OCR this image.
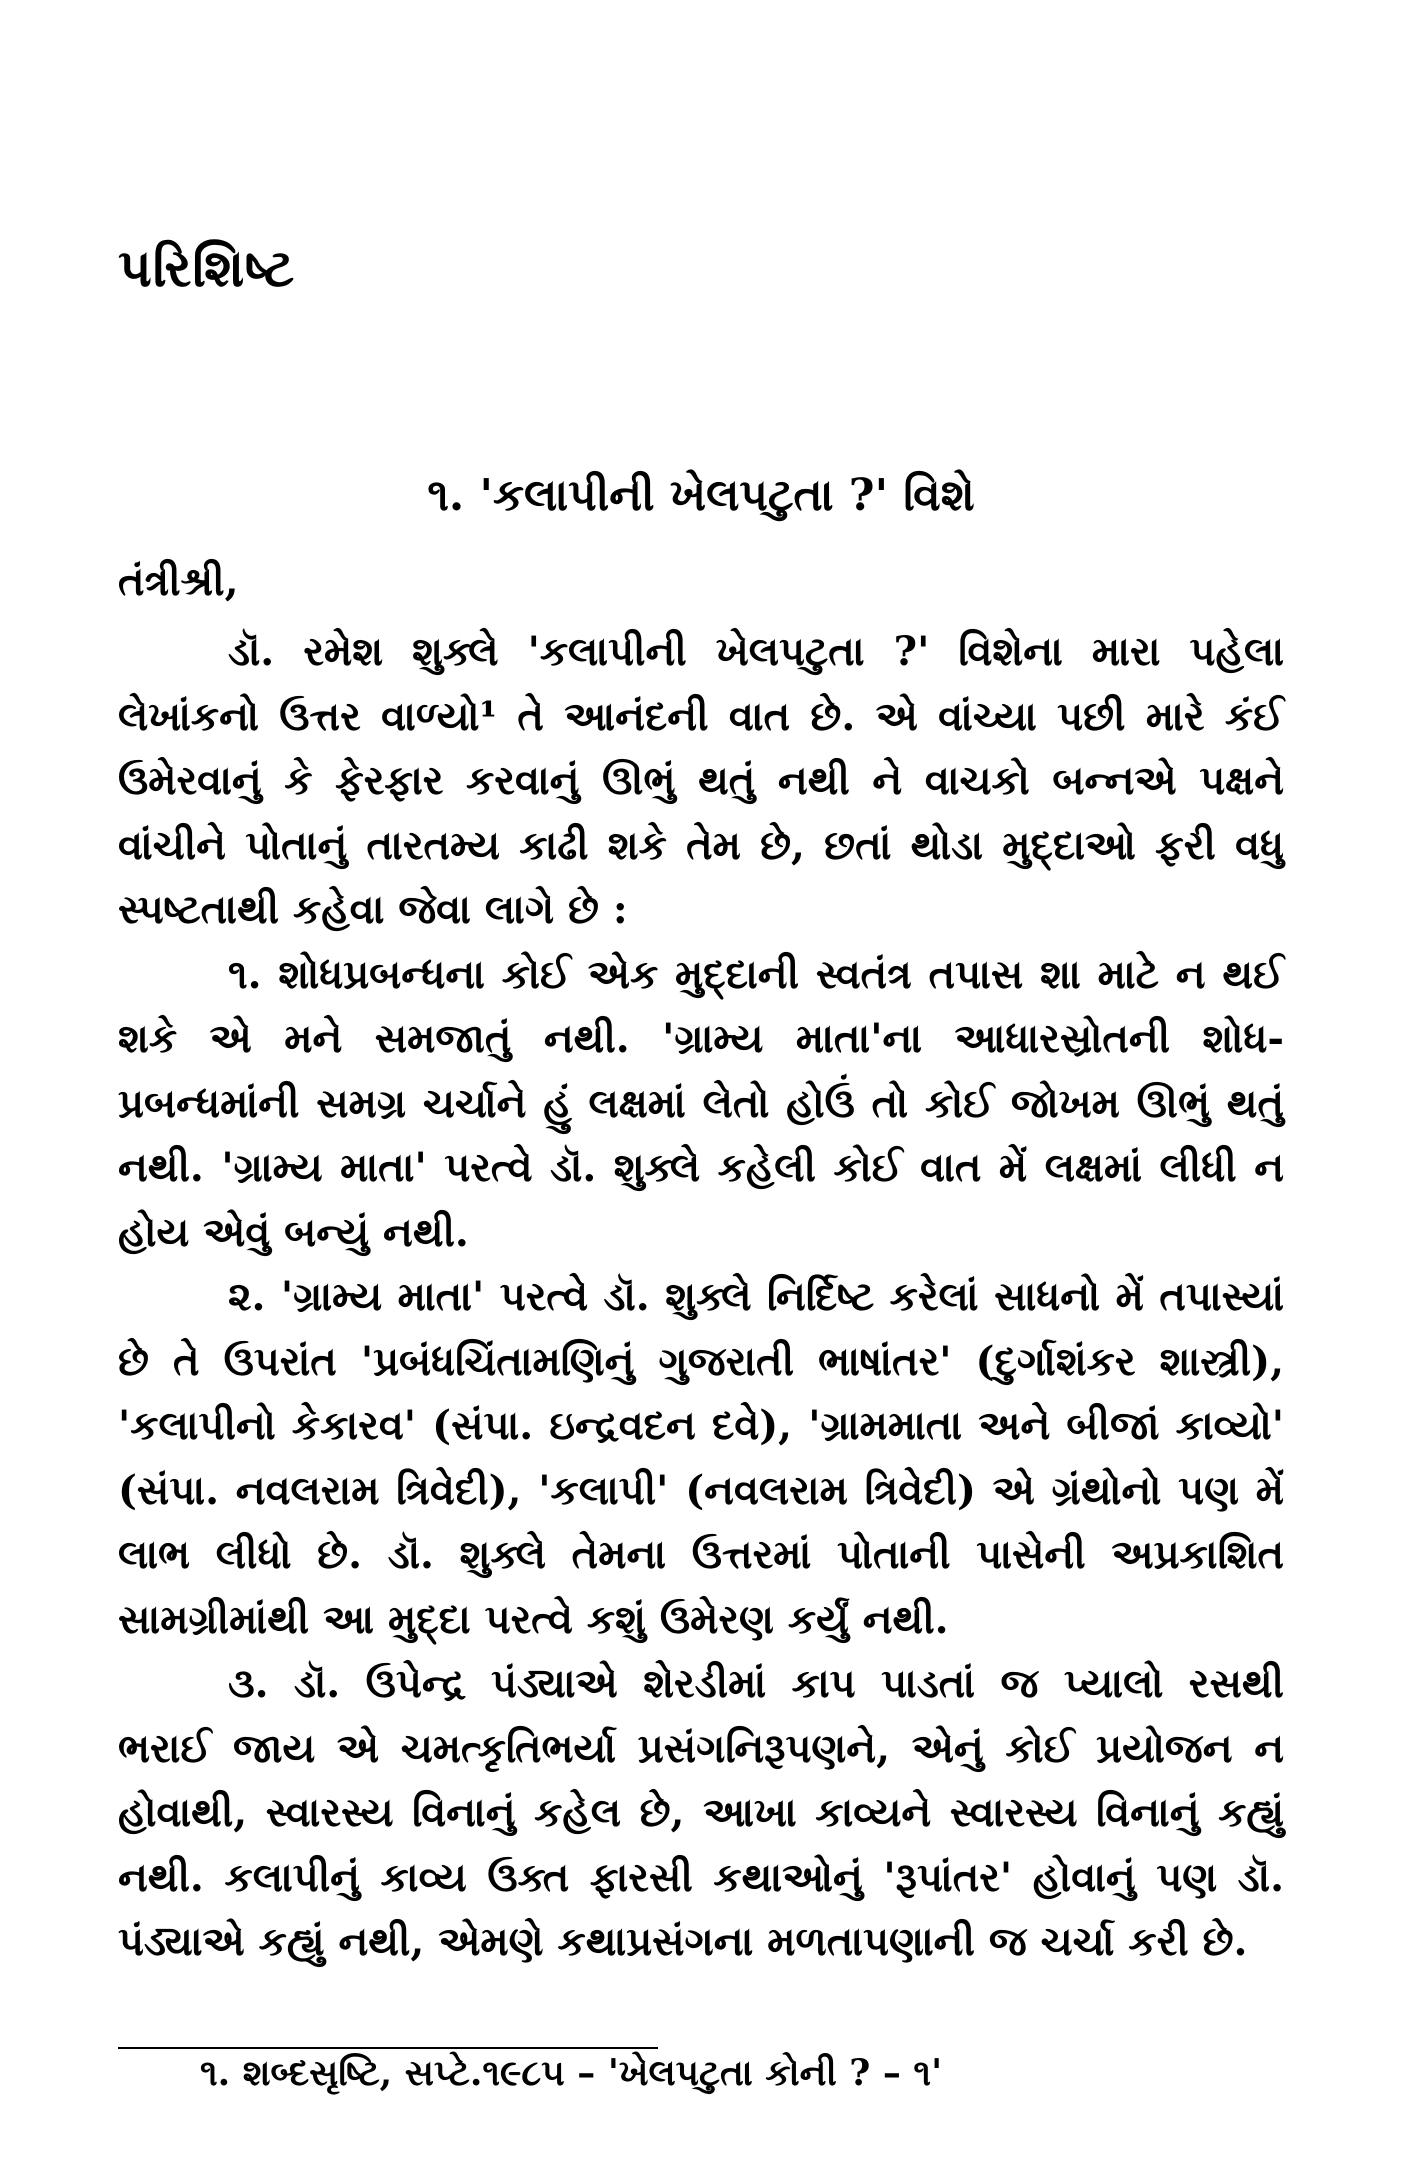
પરિશિષ્ટ
૧. 'કલાપીની ખેલપટુતા ?' વિશે

તંત્રીશ્રી,

ડૉ. રમેશ શુક્લે 'કલાપીની ખેલપટુતા ?' વિશેના મારા પહેલા લેખાંકનો ઉત્તર વાળ્યો¹ તે આનંદની વાત છે. એ વાંચ્યા પછી મારે કંઈ ઉમેરવાનું કે ફેરફાર કરવાનું ઊભું થતું નથી ને વાચકો બન્નએ પક્ષને વાંચીને પોતાનું તારતમ્ય કાઢી શકે તેમ છે, છતાં થોડા મુદ્દાઓ ફરી વધુ સ્પષ્ટતાથી કહેવા જેવા લાગે છે :

૧. શોધપ્રબન્ધના કોઈ એક મુદ્દાની સ્વતંત્ર તપાસ શા માટે ન થઈ શકે એ મને સમજાતું નથી. 'ગ્રામ્ય માતા'ના આધારસ્રોતની શોધ-પ્રબન્ધમાંની સમગ્ર ચર્ચાને હું લક્ષમાં લેતો હોઉં તો કોઈ જોખમ ઊભું થતું નથી. 'ગ્રામ્ય માતા' પરત્વે ડૉ. શુક્લે કહેલી કોઈ વાત મેં લક્ષમાં લીધી ન હોય એવું બન્યું નથી.

૨. 'ગ્રામ્ય માતા' પરત્વે ડૉ. શુક્લે નિર્દિષ્ટ કરેલાં સાધનો મેં તપાસ્યાં છે તે ઉપરાંત 'પ્રબંધચિંતામણિનું ગુજરાતી ભાષાંતર' (દુર્ગાશંકર શાસ્ત્રી), 'કલાપીનો કેકારવ' (સંપા. ઇન્દ્રવદન દવે), 'ગ્રામમાતા અને બીજાં કાવ્યો' (સંપા. નવલરામ ત્રિવેદી), 'કલાપી' (નવલરામ ત્રિવેદી) એ ગ્રંથોનો પણ મેં લાભ લીધો છે. ડૉ. શુક્લે તેમના ઉત્તરમાં પોતાની પાસેની અપ્રકાશિત સામગ્રીમાંથી આ મુદ્દા પરત્વે કશું ઉમેરણ કર્યું નથી.

૩. ડૉ. ઉપેન્દ્ર પંડ્યાએ શેરડીમાં કાપ પાડતાં જ પ્યાલો રસથી ભરાઈ જાય એ ચમત્કૃતિભર્યા પ્રસંગનિરૂપણને, એનું કોઈ પ્રયોજન ન હોવાથી, સ્વારસ્ય વિનાનું કહેલ છે, આખા કાવ્યને સ્વારસ્ય વિનાનું કહ્યું નથી. કલાપીનું કાવ્ય ઉક્ત ફારસી કથાઓનું 'રૂપાંતર' હોવાનું પણ ડૉ. પંડ્યાએ કહ્યું નથી, એમણે કથાપ્રસંગના મળતાપણાની જ ચર્ચા કરી છે.

૧. શબ્દસૃષ્ટિ, સપ્ટે.૧૯૮૫ – 'ખેલપટુતા કોની ? – ૧'
